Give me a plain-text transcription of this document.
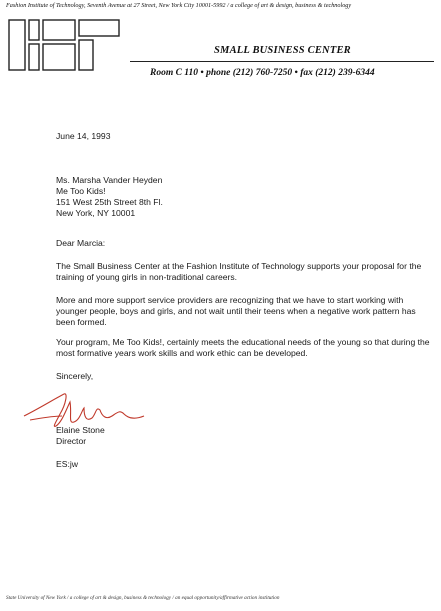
Fashion Institute of Technology, Seventh Avenue at 27 Street, New York City 10001-5992 / a college of art & design, business & technology
SMALL BUSINESS CENTER
Room C 110 • phone (212) 760-7250 • fax (212) 239-6344
June 14, 1993
Ms. Marsha Vander Heyden
Me Too Kids!
151 West 25th Street 8th Fl.
New York, NY 10001
Dear Marcia:
The Small Business Center at the Fashion Institute of Technology supports your proposal for the training of young girls in non-traditional careers.
More and more support service providers are recognizing that we have to start working with younger people, boys and girls, and not wait until their teens when a negative work pattern has been formed.
Your program, Me Too Kids!, certainly meets the educational needs of the young so that during the most formative years work skills and work ethic can be developed.
Sincerely,
Elaine Stone
Director
ES:jw
State University of New York / a college of art & design, business & technology / an equal opportunity/affirmative action institution
